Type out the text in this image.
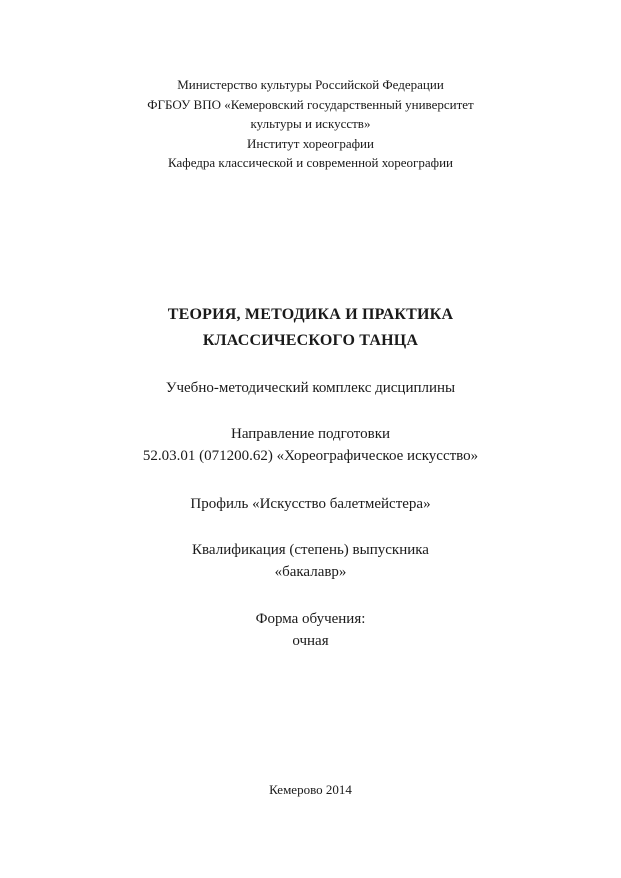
Министерство культуры Российской Федерации
ФГБОУ ВПО «Кемеровский государственный университет
культуры и искусств»
Институт хореографии
Кафедра классической и современной хореографии
ТЕОРИЯ, МЕТОДИКА И ПРАКТИКА
КЛАССИЧЕСКОГО ТАНЦА
Учебно-методический комплекс дисциплины
Направление подготовки
52.03.01 (071200.62) «Хореографическое искусство»
Профиль «Искусство балетмейстера»
Квалификация (степень) выпускника
«бакалавр»
Форма обучения:
очная
Кемерово 2014
